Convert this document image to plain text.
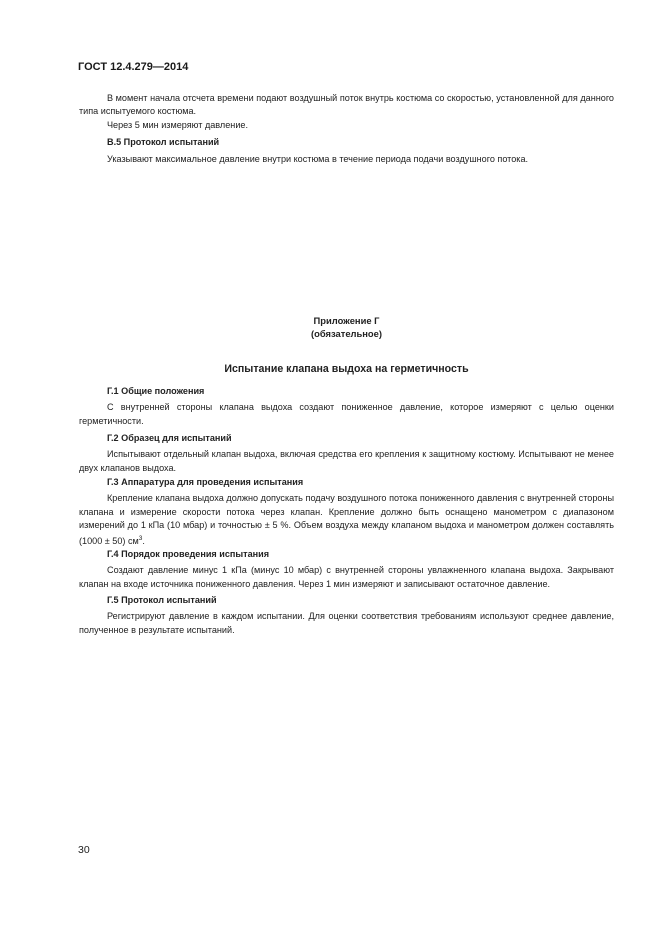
ГОСТ 12.4.279—2014

В момент начала отсчета времени подают воздушный поток внутрь костюма со скоростью, установленной для данного типа испытуемого костюма.

Через 5 мин измеряют давление.

В.5 Протокол испытаний

Указывают максимальное давление внутри костюма в течение периода подачи воздушного потока.

Приложение Г
(обязательное)
Испытание клапана выдоха на герметичность
Г.1 Общие положения

С внутренней стороны клапана выдоха создают пониженное давление, которое измеряют с целью оценки герметичности.

Г.2 Образец для испытаний

Испытывают отдельный клапан выдоха, включая средства его крепления к защитному костюму. Испытывают не менее двух клапанов выдоха.

Г.3 Аппаратура для проведения испытания

Крепление клапана выдоха должно допускать подачу воздушного потока пониженного давления с внутренней стороны клапана и измерение скорости потока через клапан. Крепление должно быть оснащено манометром с диапазоном измерений до 1 кПа (10 мбар) и точностью ± 5 %. Объем воздуха между клапаном выдоха и манометром должен составлять (1000 ± 50) $см^3$.

Г.4 Порядок проведения испытания

Создают давление минус 1 кПа (минус 10 мбар) с внутренней стороны увлажненного клапана выдоха. Закрывают клапан на входе источника пониженного давления. Через 1 мин измеряют и записывают остаточное давление.

Г.5 Протокол испытаний

Регистрируют давление в каждом испытании. Для оценки соответствия требованиям используют среднее давление, полученное в результате испытаний.

30
